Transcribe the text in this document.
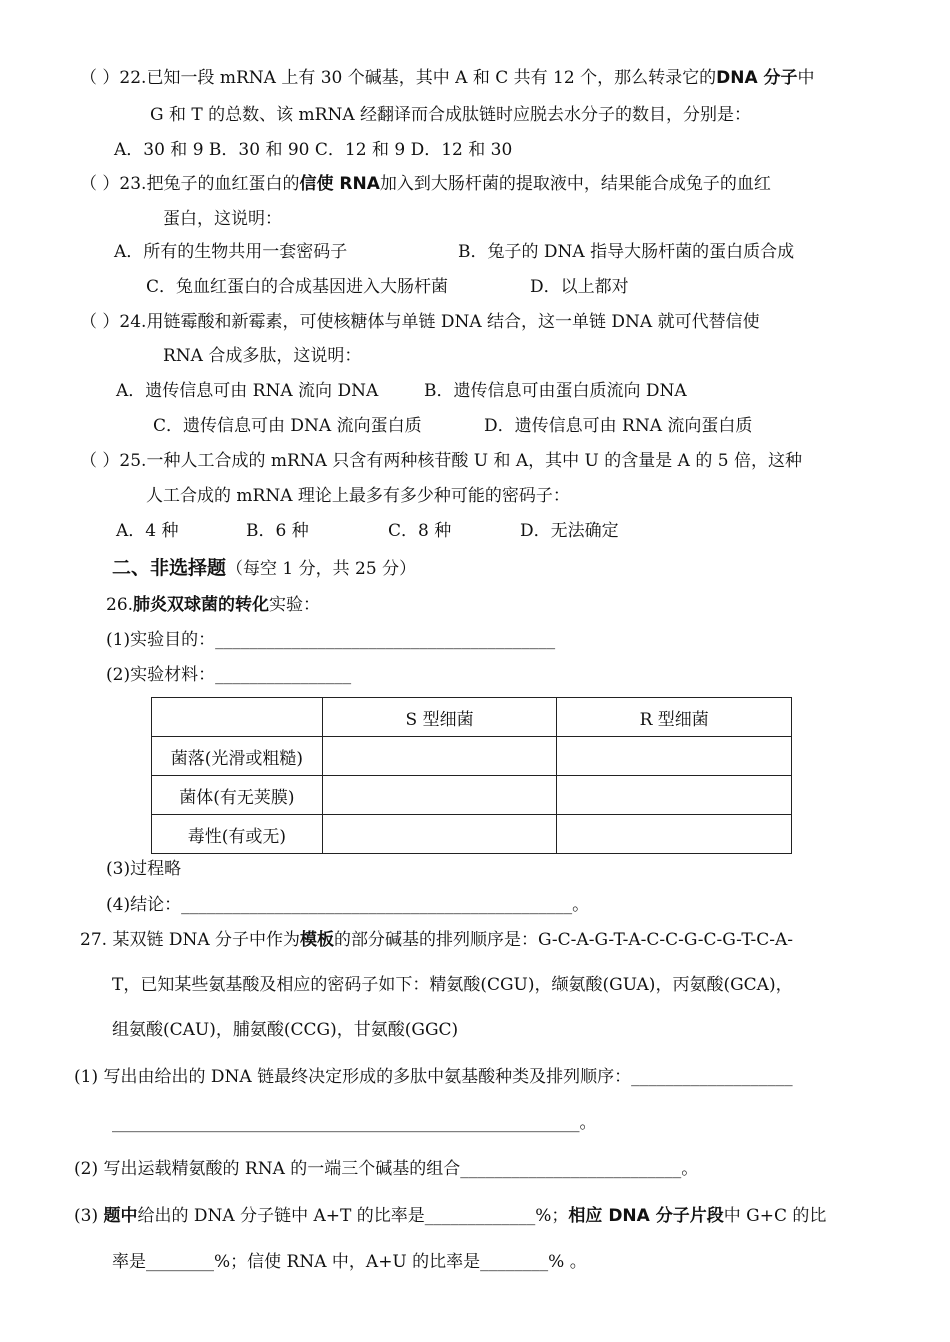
（ ）22.已知一段 mRNA 上有 30 个碱基，其中 A 和 C 共有 12 个，那么转录它的DNA 分子中
G 和 T 的总数、该 mRNA 经翻译而合成肽链时应脱去水分子的数目，分别是：
A．30 和 9 B．30 和 90 C．12 和 9 D．12 和 30
（ ）23.把兔子的血红蛋白的信使 RNA加入到大肠杆菌的提取液中，结果能合成兔子的血红
蛋白，这说明：
A．所有的生物共用一套密码子	B．兔子的 DNA 指导大肠杆菌的蛋白质合成
C．兔血红蛋白的合成基因进入大肠杆菌	D．以上都对
（ ）24.用链霉酸和新霉素，可使核糖体与单链 DNA 结合，这一单链 DNA 就可代替信使
RNA 合成多肽，这说明：
A．遗传信息可由 RNA 流向 DNA	B．遗传信息可由蛋白质流向 DNA
C．遗传信息可由 DNA 流向蛋白质	D．遗传信息可由 RNA 流向蛋白质
（ ）25.一种人工合成的 mRNA 只含有两种核苷酸 U 和 A，其中 U 的含量是 A 的 5 倍，这种
人工合成的 mRNA 理论上最多有多少种可能的密码子：
A．4 种	B．6 种	C．8 种	D．无法确定
二、非选择题（每空 1 分，共 25 分）
26.肺炎双球菌的转化实验：
(1)实验目的：________________________________________
(2)实验材料：________________
	S 型细菌	R 型细菌
菌落(光滑或粗糙)		
菌体(有无荚膜)		
毒性(有或无)		
(3)过程略
(4)结论：______________________________________________。
27. 某双链 DNA 分子中作为模板的部分碱基的排列顺序是：G-C-A-G-T-A-C-C-G-C-G-T-C-A-
T，已知某些氨基酸及相应的密码子如下：精氨酸(CGU)，缬氨酸(GUA)，丙氨酸(GCA)，
组氨酸(CAU)，脯氨酸(CCG)，甘氨酸(GGC)
(1) 写出由给出的 DNA 链最终决定形成的多肽中氨基酸种类及排列顺序：___________________
_______________________________________________________。
(2) 写出运载精氨酸的 RNA 的一端三个碱基的组合__________________________。
(3) 题中给出的 DNA 分子链中 A+T 的比率是_____________%；相应 DNA 分子片段中 G+C 的比
率是________%；信使 RNA 中，A+U 的比率是________% 。
